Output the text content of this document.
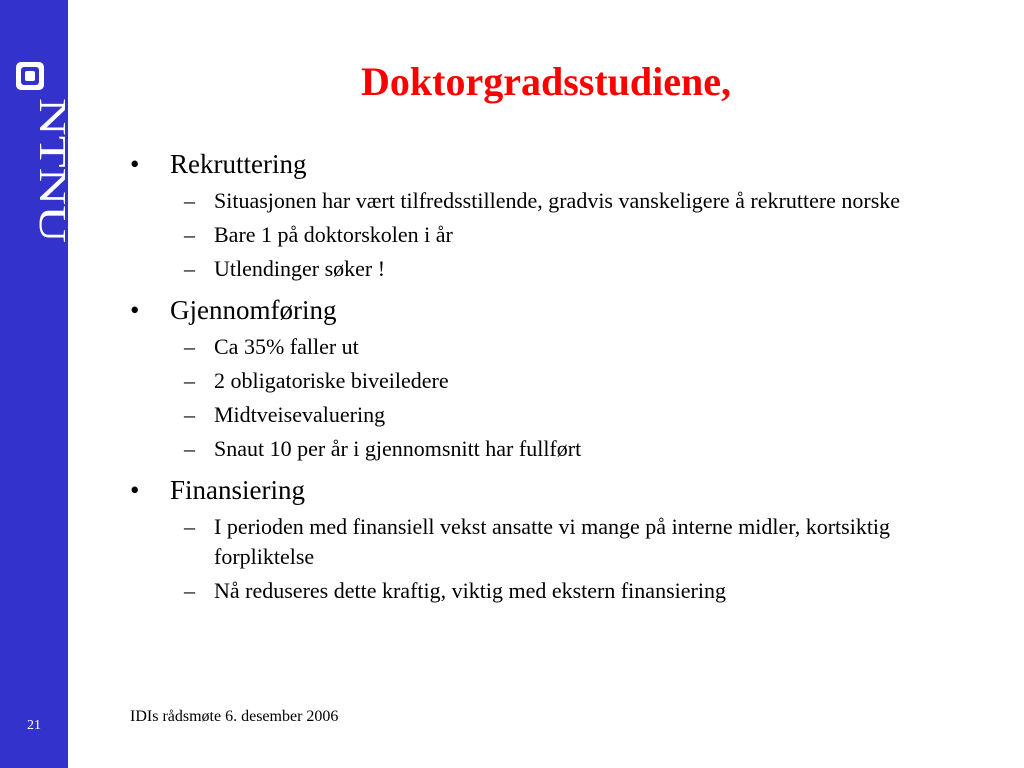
NTNU
21
Doktorgradsstudiene,
• Rekruttering
– Situasjonen har vært tilfredsstillende, gradvis vanskeligere å rekruttere norske
– Bare 1 på doktorskolen i år
– Utlendinger søker !
• Gjennomføring
– Ca 35% faller ut
– 2 obligatoriske biveiledere
– Midtveisevaluering
– Snaut 10 per år i gjennomsnitt har fullført
• Finansiering
– I perioden med finansiell vekst ansatte vi mange på interne midler, kortsiktig forpliktelse
– Nå reduseres dette kraftig, viktig med ekstern finansiering
IDIs rådsmøte 6. desember 2006
